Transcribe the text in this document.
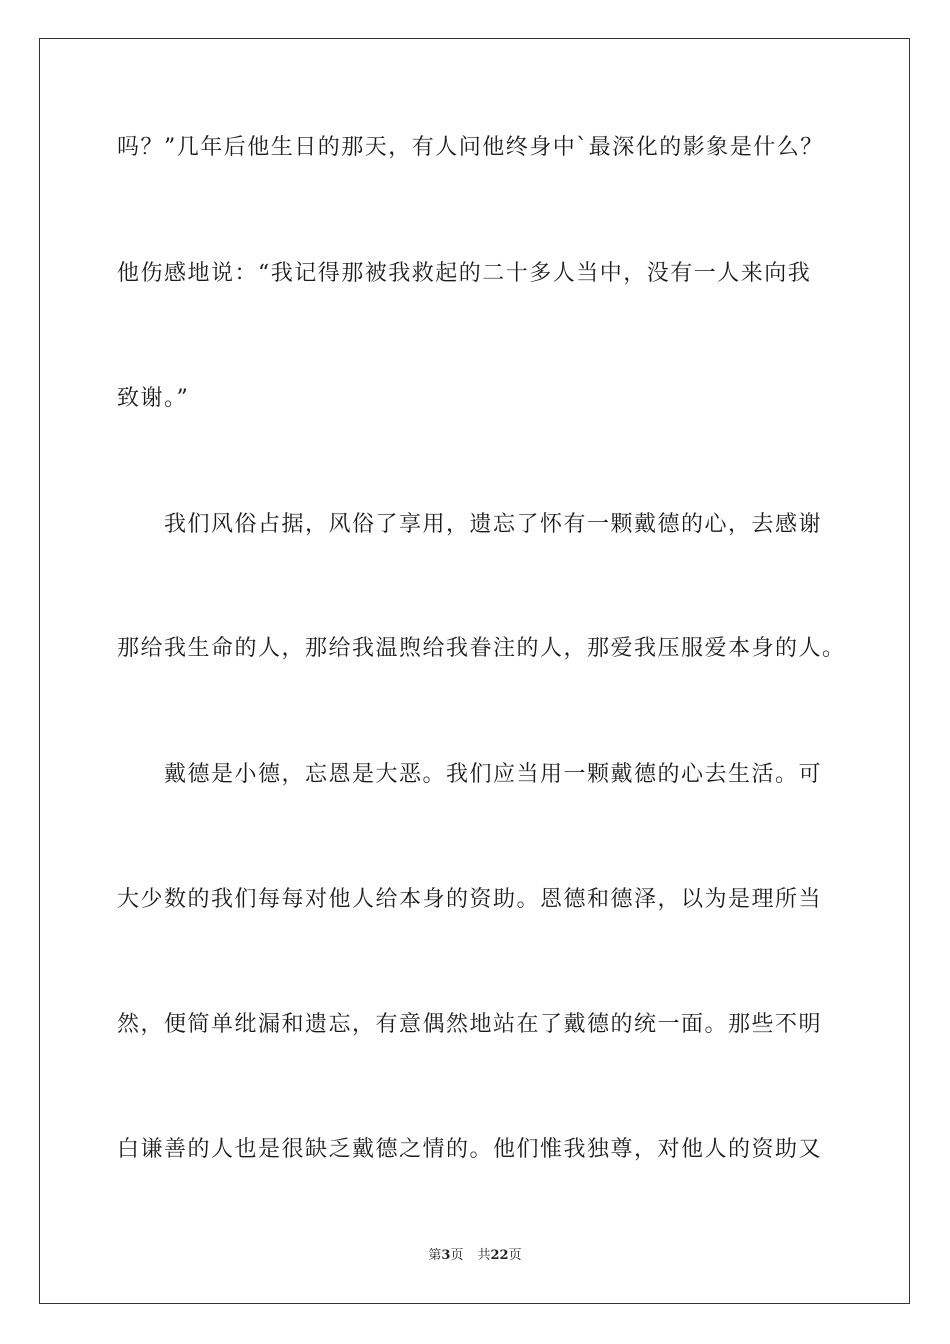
吗？”几年后他生日的那天，有人问他终身中`最深化的影象是什么？
他伤感地说：“我记得那被我救起的二十多人当中，没有一人来向我
致谢。”
我们风俗占据，风俗了享用，遗忘了怀有一颗戴德的心，去感谢
那给我生命的人，那给我温煦给我眷注的人，那爱我压服爱本身的人。
戴德是小德，忘恩是大恶。我们应当用一颗戴德的心去生活。可
大少数的我们每每对他人给本身的资助。恩德和德泽，以为是理所当
然，便简单纰漏和遗忘，有意偶然地站在了戴德的统一面。那些不明
白谦善的人也是很缺乏戴德之情的。他们惟我独尊，对他人的资助又
第3页 共22页
